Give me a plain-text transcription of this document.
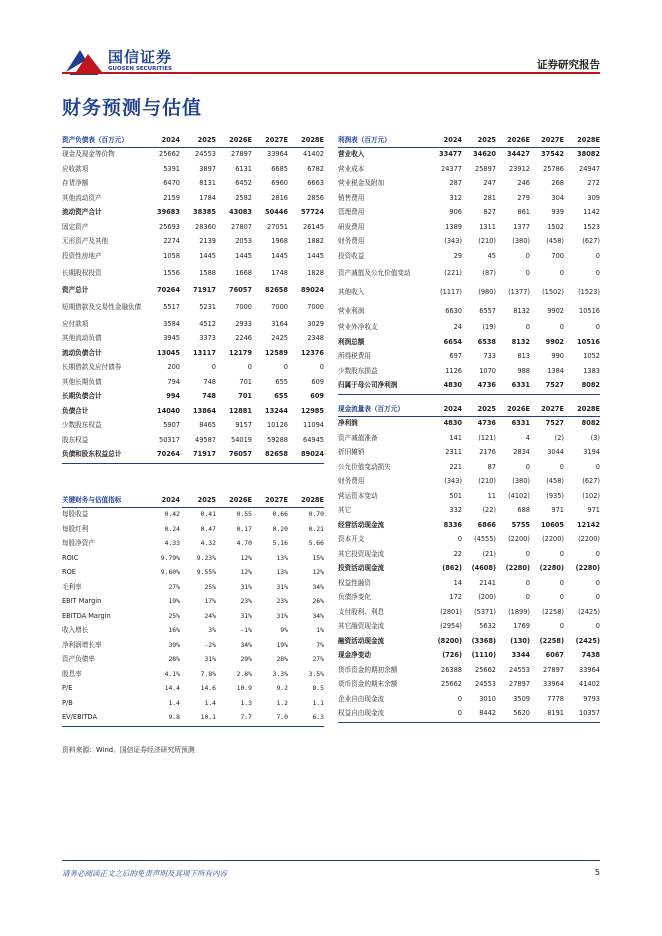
国信证券
GUOSEN SECURITIES	证券研究报告
财务预测与估值
资产负债表（百万元）	2024	2025	2026E	2027E	2028E
现金及现金等价物	25662	24553	27897	33964	41402
应收款项	5391	3897	6131	6685	6782
存货净额	6470	8131	6452	6960	6663
其他流动资产	2159	1784	2582	2816	2856
流动资产合计	39683	38385	43083	50446	57724
固定资产	25693	28360	27807	27051	26145
无形资产及其他	2274	2139	2053	1968	1882
投资性房地产	1058	1445	1445	1445	1445
长期股权投资	1556	1588	1668	1748	1828
资产总计	70264	71917	76057	82658	89024
短期借款及交易性金融负债	5517	5231	7000	7000	7000
应付款项	3584	4512	2933	3164	3029
其他流动负债	3945	3373	2246	2425	2348
流动负债合计	13045	13117	12179	12589	12376
长期借款及应付债券	200	0	0	0	0
其他长期负债	794	748	701	655	609
长期负债合计	994	748	701	655	609
负债合计	14040	13864	12881	13244	12985
少数股东权益	5907	8465	9157	10126	11094
股东权益	50317	49587	54019	59288	64945
负债和股东权益总计	70264	71917	76057	82658	89024
关键财务与估值指标	2024	2025	2026E	2027E	2028E
每股收益	0.42	0.41	0.55	0.66	0.70
每股红利	0.24	0.47	0.17	0.20	0.21
每股净资产	4.33	4.32	4.70	5.16	5.66
ROIC	9.79%	9.23%	12%	13%	15%
ROE	9.60%	9.55%	12%	13%	12%
毛利率	27%	25%	31%	31%	34%
EBIT Margin	19%	17%	23%	23%	26%
EBITDA Margin	25%	24%	31%	31%	34%
收入增长	16%	3%	-1%	9%	1%
净利润增长率	39%	-2%	34%	19%	7%
资产负债率	28%	31%	29%	28%	27%
股息率	4.1%	7.8%	2.8%	3.3%	3.5%
P/E	14.4	14.6	10.9	9.2	8.5
P/B	1.4	1.4	1.3	1.2	1.1
EV/EBITDA	9.8	10.1	7.7	7.0	6.3
利润表（百万元）	2024	2025	2026E	2027E	2028E
营业收入	33477	34620	34427	37542	38082
营业成本	24377	25897	23912	25786	24947
营业税金及附加	287	247	246	268	272
销售费用	312	281	279	304	309
管理费用	906	827	861	939	1142
研发费用	1389	1311	1377	1502	1523
财务费用	(343)	(210)	(380)	(458)	(627)
投资收益	29	45	0	700	0
资产减值及公允价值变动	(221)	(87)	0	0	0
其他收入	(1117)	(980)	(1377)	(1502)	(1523)
营业利润	6630	6557	8132	9902	10516
营业外净收支	24	(19)	0	0	0
利润总额	6654	6538	8132	9902	10516
所得税费用	697	733	813	990	1052
少数股东损益	1126	1070	988	1384	1383
归属于母公司净利润	4830	4736	6331	7527	8082
现金流量表（百万元）	2024	2025	2026E	2027E	2028E
净利润	4830	4736	6331	7527	8082
资产减值准备	141	(121)	4	(2)	(3)
折旧摊销	2311	2176	2834	3044	3194
公允价值变动损失	221	87	0	0	0
财务费用	(343)	(210)	(380)	(458)	(627)
营运资本变动	501	11	(4102)	(935)	(102)
其它	332	(22)	688	971	971
经营活动现金流	8336	6866	5755	10605	12142
资本开支	0	(4555)	(2200)	(2200)	(2200)
其它投资现金流	22	(21)	0	0	0
投资活动现金流	(862)	(4608)	(2280)	(2280)	(2280)
权益性融资	14	2141	0	0	0
负债净变化	172	(200)	0	0	0
支付股利、利息	(2801)	(5371)	(1899)	(2258)	(2425)
其它融资现金流	(2954)	5632	1769	0	0
融资活动现金流	(8200)	(3368)	(130)	(2258)	(2425)
现金净变动	(726)	(1110)	3344	6067	7438
货币资金的期初余额	26388	25662	24553	27897	33964
货币资金的期末余额	25662	24553	27897	33964	41402
企业自由现金流	0	3010	3509	7778	9793
权益自由现金流	0	8442	5620	8191	10357
资料来源：Wind、国信证券经济研究所预测
请务必阅读正文之后的免责声明及其项下所有内容	5
